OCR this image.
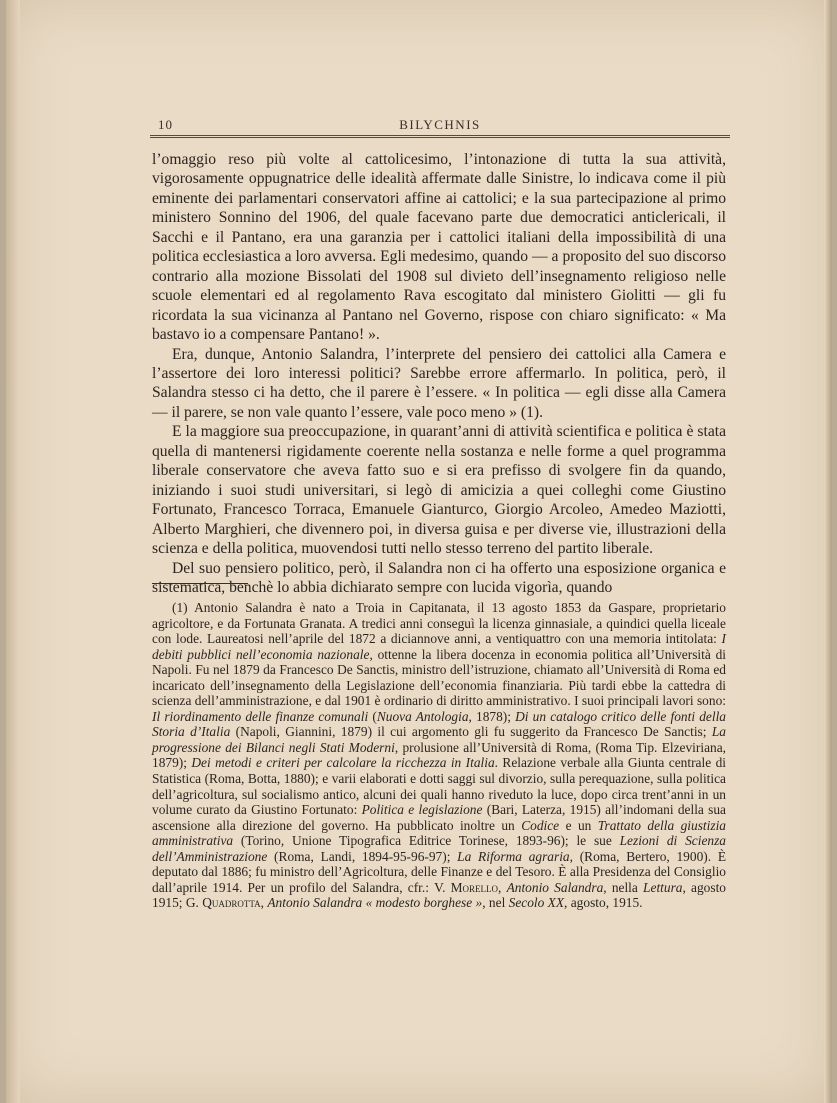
10	BILYCHNIS

l’omaggio reso più volte al cattolicesimo, l’intonazione di tutta la sua attività, vigorosamente oppugnatrice delle idealità affermate dalle Sinistre, lo indicava come il più eminente dei parlamentari conservatori affine ai cattolici; e la sua partecipazione al primo ministero Sonnino del 1906, del quale facevano parte due democratici anticlericali, il Sacchi e il Pantano, era una garanzia per i cattolici italiani della impossibilità di una politica ecclesiastica a loro avversa. Egli medesimo, quando — a proposito del suo discorso contrario alla mozione Bissolati del 1908 sul divieto dell’insegnamento religioso nelle scuole elementari ed al regolamento Rava escogitato dal ministero Giolitti — gli fu ricordata la sua vicinanza al Pantano nel Governo, rispose con chiaro significato: « Ma bastavo io a compensare Pantano! ».

Era, dunque, Antonio Salandra, l’interprete del pensiero dei cattolici alla Camera e l’assertore dei loro interessi politici? Sarebbe errore affermarlo. In politica, però, il Salandra stesso ci ha detto, che il parere è l’essere. « In politica — egli disse alla Camera — il parere, se non vale quanto l’essere, vale poco meno » (1).

E la maggiore sua preoccupazione, in quarant’anni di attività scientifica e politica è stata quella di mantenersi rigidamente coerente nella sostanza e nelle forme a quel programma liberale conservatore che aveva fatto suo e si era prefisso di svolgere fin da quando, iniziando i suoi studi universitari, si legò di amicizia a quei colleghi come Giustino Fortunato, Francesco Torraca, Emanuele Gianturco, Giorgio Arcoleo, Amedeo Maziotti, Alberto Marghieri, che divennero poi, in diversa guisa e per diverse vie, illustrazioni della scienza e della politica, muovendosi tutti nello stesso terreno del partito liberale.

Del suo pensiero politico, però, il Salandra non ci ha offerto una esposizione organica e sistematica, benchè lo abbia dichiarato sempre con lucida vigorìa, quando

(1) Antonio Salandra è nato a Troia in Capitanata, il 13 agosto 1853 da Gaspare, proprietario agricoltore, e da Fortunata Granata. A tredici anni conseguì la licenza ginnasiale, a quindici quella liceale con lode. Laureatosi nell’aprile del 1872 a diciannove anni, a ventiquattro con una memoria intitolata: I debiti pubblici nell’economia nazionale, ottenne la libera docenza in economia politica all’Università di Napoli. Fu nel 1879 da Francesco De Sanctis, ministro dell’istruzione, chiamato all’Università di Roma ed incaricato dell’insegnamento della Legislazione dell’economia finanziaria. Più tardi ebbe la cattedra di scienza dell’amministrazione, e dal 1901 è ordinario di diritto amministrativo. I suoi principali lavori sono: Il riordinamento delle finanze comunali (Nuova Antologia, 1878); Di un catalogo critico delle fonti della Storia d’Italia (Napoli, Giannini, 1879) il cui argomento gli fu suggerito da Francesco De Sanctis; La progressione dei Bilanci negli Stati Moderni, prolusione all’Università di Roma, (Roma Tip. Elzeviriana, 1879); Dei metodi e criteri per calcolare la ricchezza in Italia. Relazione verbale alla Giunta centrale di Statistica (Roma, Botta, 1880); e varii elaborati e dotti saggi sul divorzio, sulla perequazione, sulla politica dell’agricoltura, sul socialismo antico, alcuni dei quali hanno riveduto la luce, dopo circa trent’anni in un volume curato da Giustino Fortunato: Politica e legislazione (Bari, Laterza, 1915) all’indomani della sua ascensione alla direzione del governo. Ha pubblicato inoltre un Codice e un Trattato della giustizia amministrativa (Torino, Unione Tipografica Editrice Torinese, 1893-96); le sue Lezioni di Scienza dell’Amministrazione (Roma, Landi, 1894-95-96-97); La Riforma agraria, (Roma, Bertero, 1900). È deputato dal 1886; fu ministro dell’Agricoltura, delle Finanze e del Tesoro. È alla Presidenza del Consiglio dall’aprile 1914. Per un profilo del Salandra, cfr.: V. Morello, Antonio Salandra, nella Lettura, agosto 1915; G. Quadrotta, Antonio Salandra « modesto borghese », nel Secolo XX, agosto, 1915.
